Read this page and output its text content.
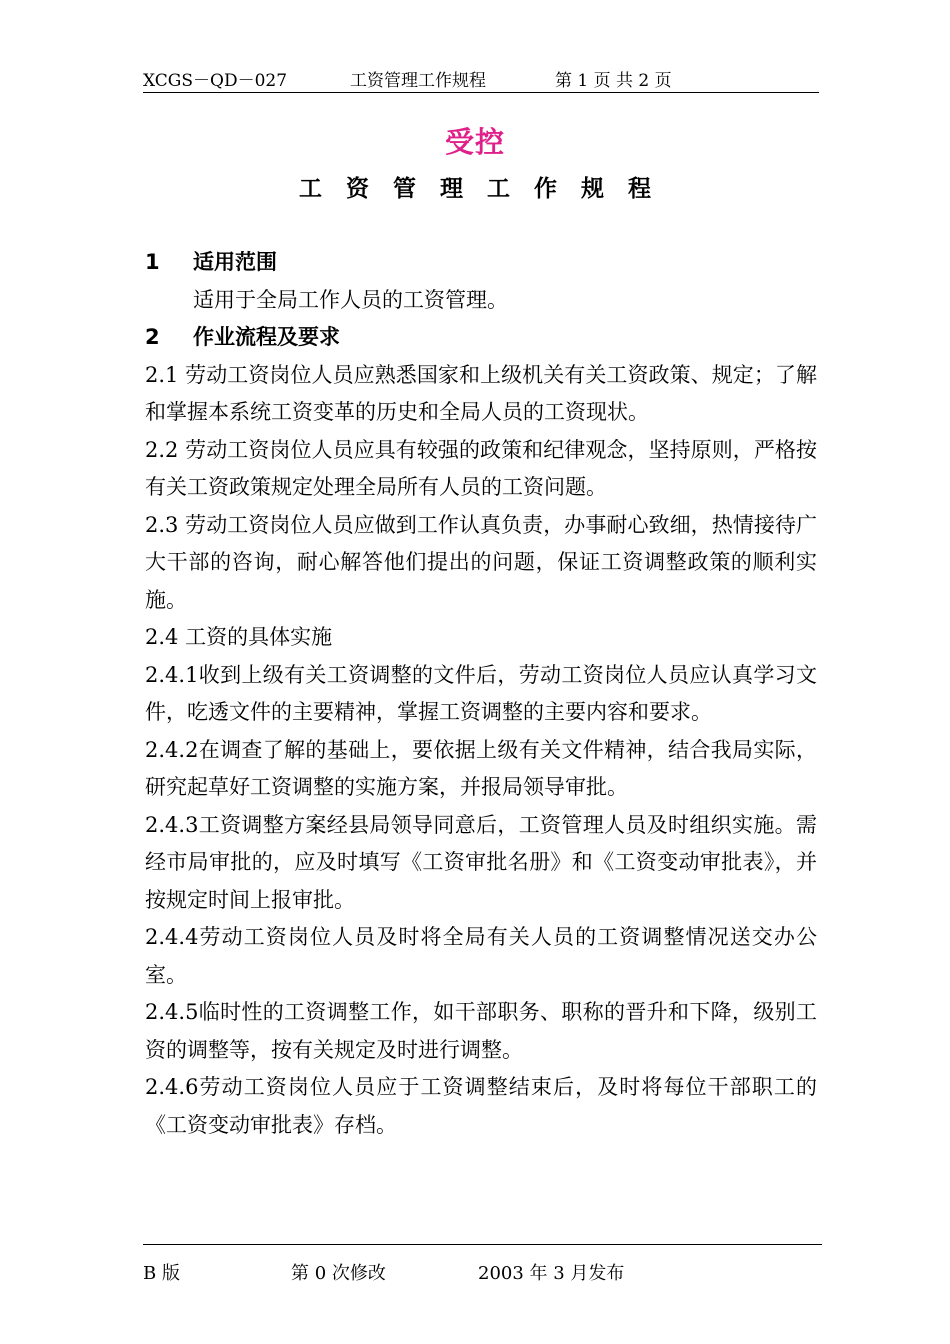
XCGS－QD－027	工资管理工作规程	第 1 页 共 2 页
受控
工资管理工作规程

1 适用范围

适用于全局工作人员的工资管理。

2 作业流程及要求

2.1 劳动工资岗位人员应熟悉国家和上级机关有关工资政策、规定；了解和掌握本系统工资变革的历史和全局人员的工资现状。

2.2 劳动工资岗位人员应具有较强的政策和纪律观念，坚持原则，严格按有关工资政策规定处理全局所有人员的工资问题。

2.3 劳动工资岗位人员应做到工作认真负责，办事耐心致细，热情接待广大干部的咨询，耐心解答他们提出的问题，保证工资调整政策的顺利实施。

2.4 工资的具体实施

2.4.1收到上级有关工资调整的文件后，劳动工资岗位人员应认真学习文件，吃透文件的主要精神，掌握工资调整的主要内容和要求。

2.4.2在调查了解的基础上，要依据上级有关文件精神，结合我局实际，研究起草好工资调整的实施方案，并报局领导审批。

2.4.3工资调整方案经县局领导同意后，工资管理人员及时组织实施。需经市局审批的，应及时填写《工资审批名册》和《工资变动审批表》，并按规定时间上报审批。

2.4.4劳动工资岗位人员及时将全局有关人员的工资调整情况送交办公室。

2.4.5临时性的工资调整工作，如干部职务、职称的晋升和下降，级别工资的调整等，按有关规定及时进行调整。

2.4.6劳动工资岗位人员应于工资调整结束后，及时将每位干部职工的《工资变动审批表》存档。

B 版	第 0 次修改	2003 年 3 月发布
